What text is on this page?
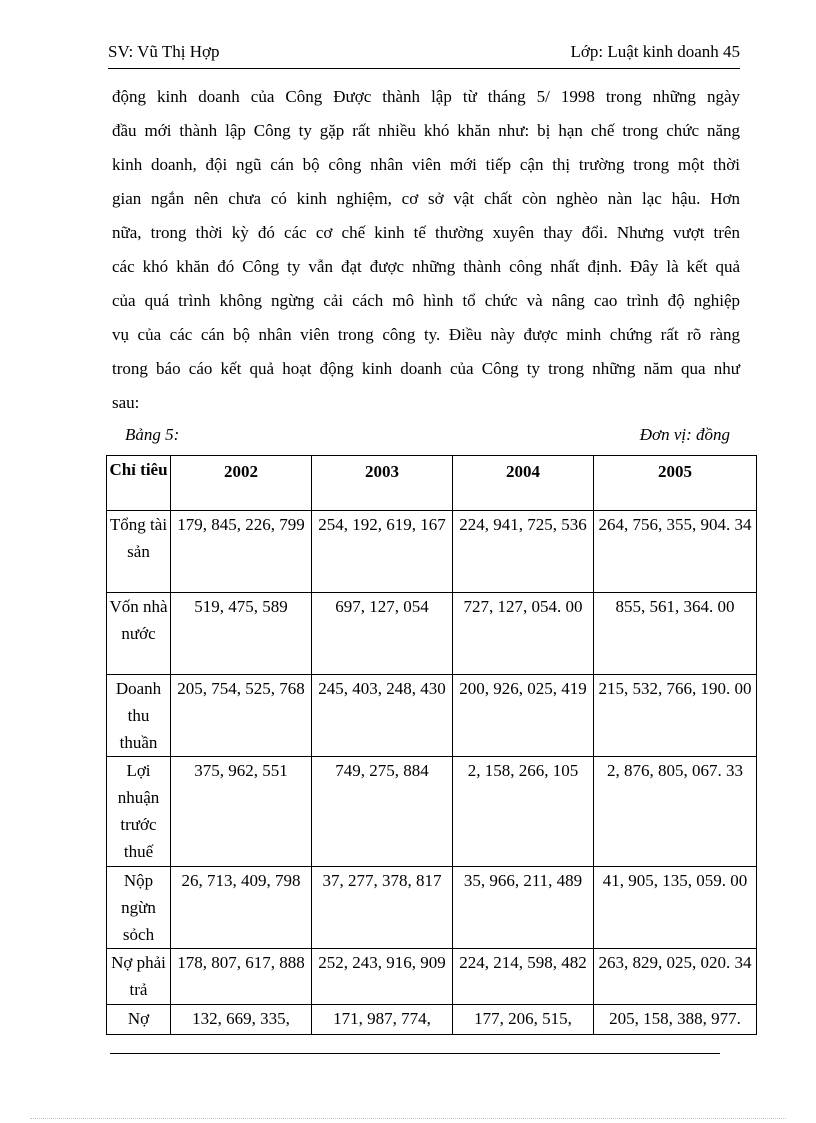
SV: Vũ Thị Hợp	Lớp: Luật kinh doanh 45
động kinh doanh của Công Được thành lập từ tháng 5/ 1998 trong những ngày
đầu mới thành lập Công ty gặp rất nhiều khó khăn như: bị hạn chế trong chức năng
kinh doanh, đội ngũ cán bộ công nhân viên mới tiếp cận thị trường trong một thời
gian ngắn nên chưa có kinh nghiệm, cơ sở vật chất còn nghèo nàn lạc hậu. Hơn
nữa, trong thời kỳ đó các cơ chế kinh tế thường xuyên thay đổi. Nhưng vượt trên
các khó khăn đó Công ty vẫn đạt được những thành công nhất định. Đây là kết quả
của quá trình không ngừng cải cách mô hình tổ chức và nâng cao trình độ nghiệp
vụ của các cán bộ nhân viên trong công ty. Điều này được minh chứng rất rõ ràng
trong báo cáo kết quả hoạt động kinh doanh của Công ty trong những năm qua như
sau:
Bảng 5:	Đơn vị: đồng
Chỉ tiêu	2002	2003	2004	2005
Tổng tài sản	179, 845, 226, 799	254, 192, 619, 167	224, 941, 725, 536	264, 756, 355, 904. 34
Vốn nhà nước	519, 475, 589	697, 127, 054	727, 127, 054. 00	855, 561, 364. 00
Doanh thu thuần	205, 754, 525, 768	245, 403, 248, 430	200, 926, 025, 419	215, 532, 766, 190. 00
Lợi nhuận trước thuế	375, 962, 551	749, 275, 884	2, 158, 266, 105	2, 876, 805, 067. 33
Nộp ngừn sỏch	26, 713, 409, 798	37, 277, 378, 817	35, 966, 211, 489	41, 905, 135, 059. 00
Nợ phải trả	178, 807, 617, 888	252, 243, 916, 909	224, 214, 598, 482	263, 829, 025, 020. 34
Nợ	132, 669, 335,	171, 987, 774,	177, 206, 515,	205, 158, 388, 977.
